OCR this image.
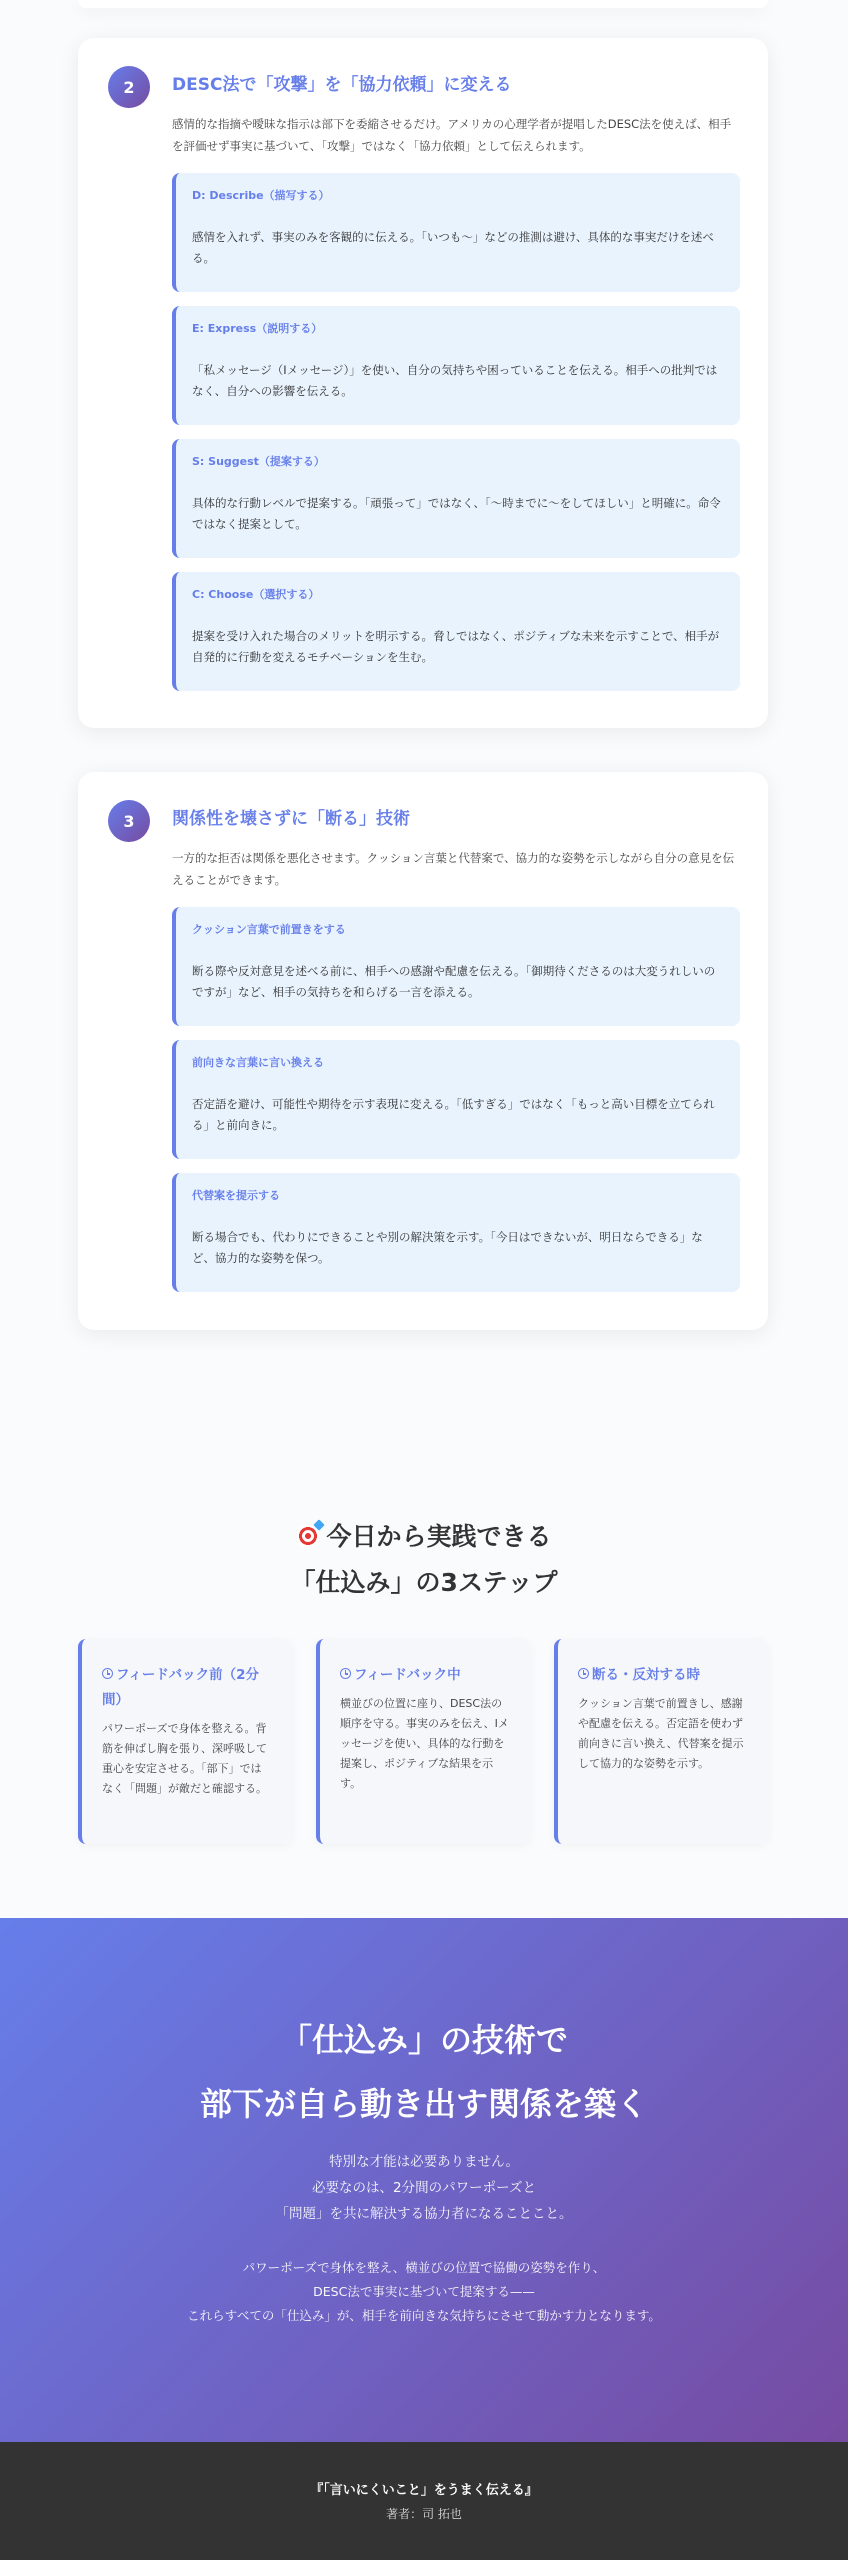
2	DESC法で「攻撃」を「協力依頼」に変える

感情的な指摘や曖昧な指示は部下を委縮させるだけ。アメリカの心理学者が提唱したDESC法を使えば、相手を評価せず事実に基づいて、「攻撃」ではなく「協力依頼」として伝えられます。

D: Describe（描写する）
感情を入れず、事実のみを客観的に伝える。「いつも〜」などの推測は避け、具体的な事実だけを述べる。
E: Express（説明する）
「私メッセージ（Iメッセージ）」を使い、自分の気持ちや困っていることを伝える。相手への批判ではなく、自分への影響を伝える。
S: Suggest（提案する）
具体的な行動レベルで提案する。「頑張って」ではなく、「〜時までに〜をしてほしい」と明確に。命令ではなく提案として。
C: Choose（選択する）
提案を受け入れた場合のメリットを明示する。脅しではなく、ポジティブな未来を示すことで、相手が自発的に行動を変えるモチベーションを生む。
3	関係性を壊さずに「断る」技術

一方的な拒否は関係を悪化させます。クッション言葉と代替案で、協力的な姿勢を示しながら自分の意見を伝えることができます。

クッション言葉で前置きをする
断る際や反対意見を述べる前に、相手への感謝や配慮を伝える。「御期待くださるのは大変うれしいのですが」など、相手の気持ちを和らげる一言を添える。
前向きな言葉に言い換える
否定語を避け、可能性や期待を示す表現に変える。「低すぎる」ではなく「もっと高い目標を立てられる」と前向きに。
代替案を提示する
断る場合でも、代わりにできることや別の解決策を示す。「今日はできないが、明日ならできる」など、協力的な姿勢を保つ。
今日から実践できる
「仕込み」の3ステップ
フィードバック前（2分間）
パワーポーズで身体を整える。背筋を伸ばし胸を張り、深呼吸して重心を安定させる。「部下」ではなく「問題」が敵だと確認する。
フィードバック中
横並びの位置に座り、DESC法の順序を守る。事実のみを伝え、Iメッセージを使い、具体的な行動を提案し、ポジティブな結果を示す。
断る・反対する時
クッション言葉で前置きし、感謝や配慮を伝える。否定語を使わず前向きに言い換え、代替案を提示して協力的な姿勢を示す。
「仕込み」の技術で
部下が自ら動き出す関係を築く

特別な才能は必要ありません。
必要なのは、2分間のパワーポーズと
「問題」を共に解決する協力者になることこと。

パワーポーズで身体を整え、横並びの位置で協働の姿勢を作り、
DESC法で事実に基づいて提案する——
これらすべての「仕込み」が、相手を前向きな気持ちにさせて動かす力となります。

『「言いにくいこと」をうまく伝える』
著者：司 拓也
